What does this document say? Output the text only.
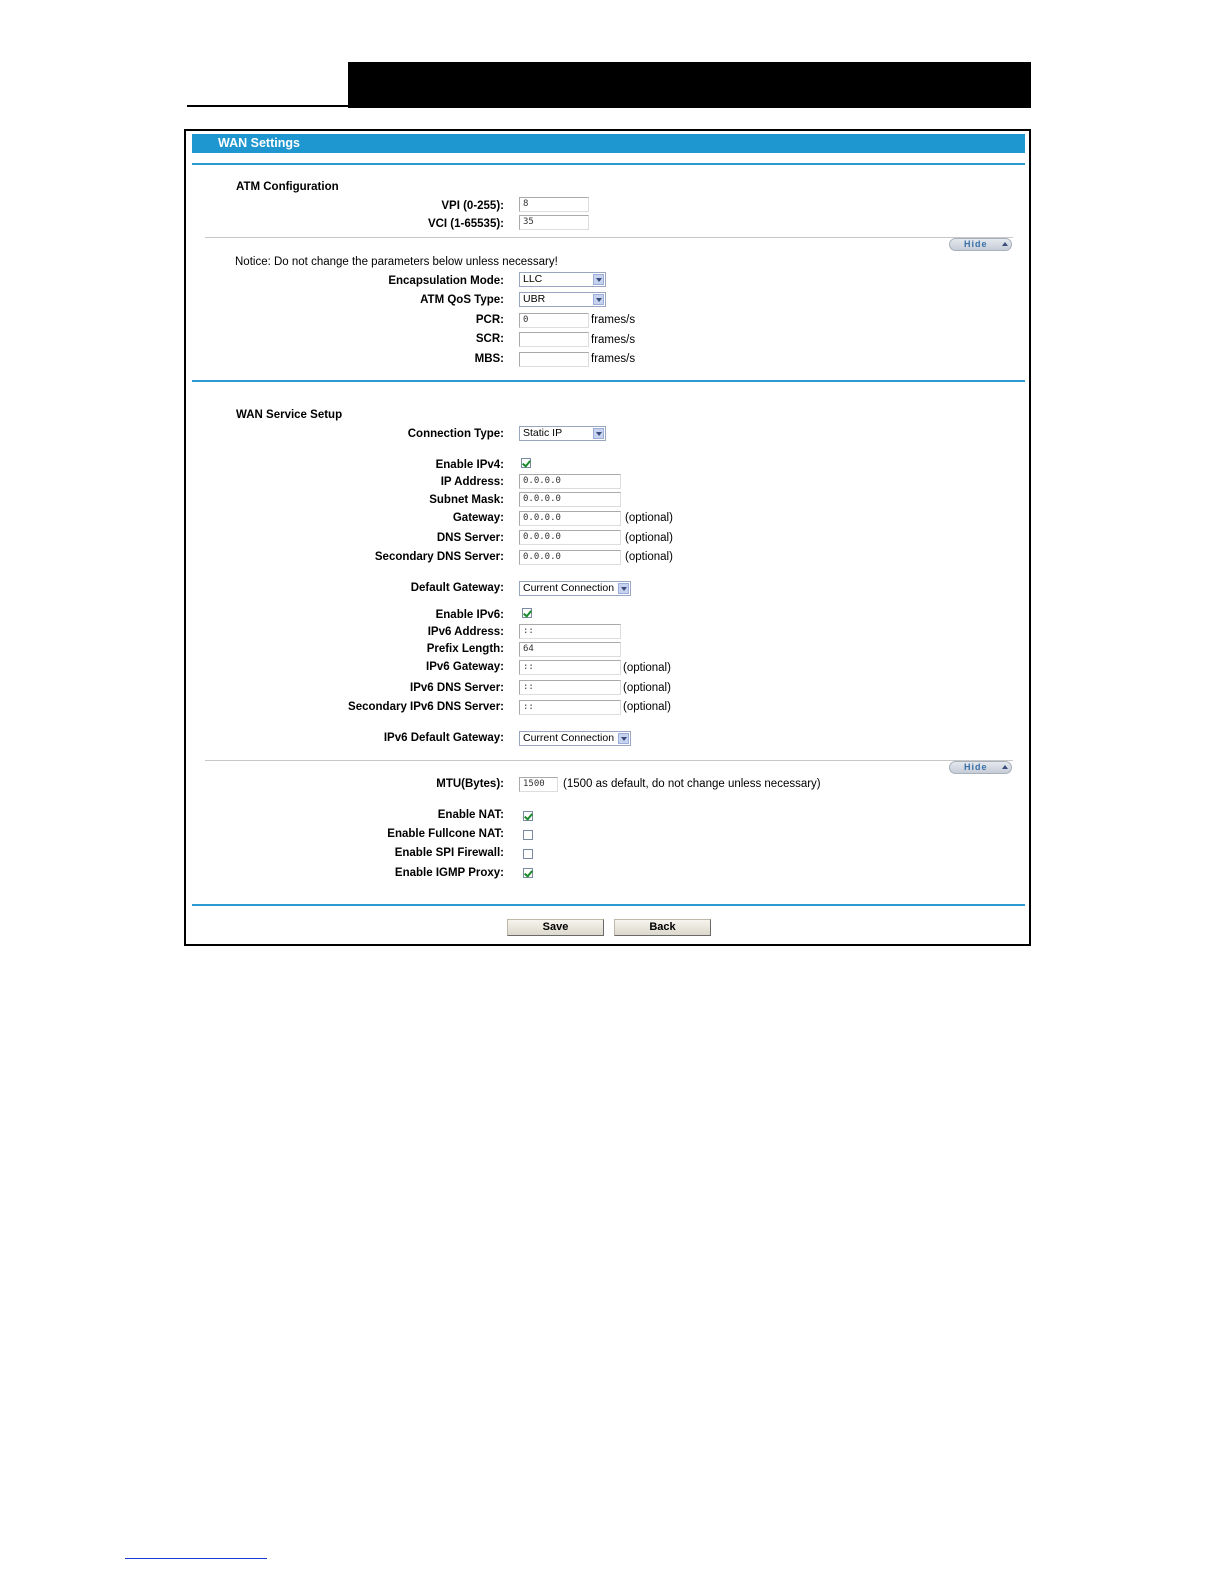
WAN Settings
ATM Configuration
VPI (0-255):	8
VCI (1-65535):	35
Hide
Notice: Do not change the parameters below unless necessary!
Encapsulation Mode:	LLC
ATM QoS Type:	UBR
PCR:	0	frames/s
SCR:	frames/s
MBS:	frames/s
WAN Service Setup
Connection Type:	Static IP
Enable IPv4:
IP Address:	0.0.0.0
Subnet Mask:	0.0.0.0
Gateway:	0.0.0.0	(optional)
DNS Server:	0.0.0.0	(optional)
Secondary DNS Server:	0.0.0.0	(optional)
Default Gateway:	Current Connection
Enable IPv6:
IPv6 Address:	::
Prefix Length:	64
IPv6 Gateway:	::	(optional)
IPv6 DNS Server:	::	(optional)
Secondary IPv6 DNS Server:	::	(optional)
IPv6 Default Gateway:	Current Connection
Hide
MTU(Bytes):	1500	(1500 as default, do not change unless necessary)
Enable NAT:
Enable Fullcone NAT:
Enable SPI Firewall:
Enable IGMP Proxy:
Save	Back
